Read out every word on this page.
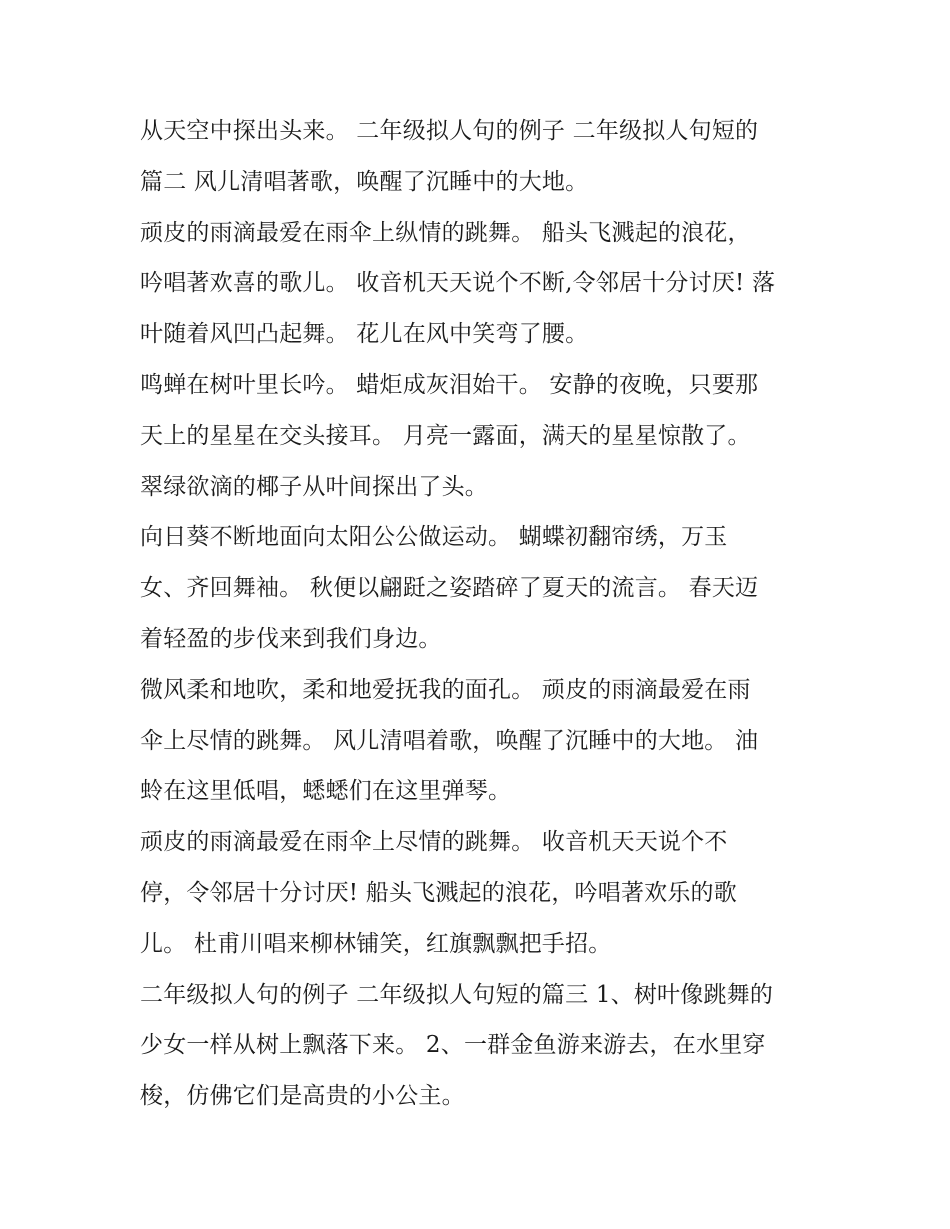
从天空中探出头来。 二年级拟人句的例子 二年级拟人句短的
篇二 风儿清唱著歌，唤醒了沉睡中的大地。
顽皮的雨滴最爱在雨伞上纵情的跳舞。 船头飞溅起的浪花，
吟唱著欢喜的歌儿。 收音机天天说个不断,令邻居十分讨厌! 落
叶随着风凹凸起舞。 花儿在风中笑弯了腰。
鸣蝉在树叶里长吟。 蜡炬成灰泪始干。 安静的夜晚，只要那
天上的星星在交头接耳。 月亮一露面，满天的星星惊散了。
翠绿欲滴的椰子从叶间探出了头。
向日葵不断地面向太阳公公做运动。 蝴蝶初翻帘绣，万玉
女、齐回舞袖。 秋便以翩跹之姿踏碎了夏天的流言。 春天迈
着轻盈的步伐来到我们身边。
微风柔和地吹，柔和地爱抚我的面孔。 顽皮的雨滴最爱在雨
伞上尽情的跳舞。 风儿清唱着歌，唤醒了沉睡中的大地。 油
蛉在这里低唱，蟋蟋们在这里弹琴。
顽皮的雨滴最爱在雨伞上尽情的跳舞。 收音机天天说个不
停，令邻居十分讨厌! 船头飞溅起的浪花，吟唱著欢乐的歌
儿。 杜甫川唱来柳林铺笑，红旗飘飘把手招。
二年级拟人句的例子 二年级拟人句短的篇三 1、树叶像跳舞的
少女一样从树上飘落下来。 2、一群金鱼游来游去，在水里穿
梭，仿佛它们是高贵的小公主。
